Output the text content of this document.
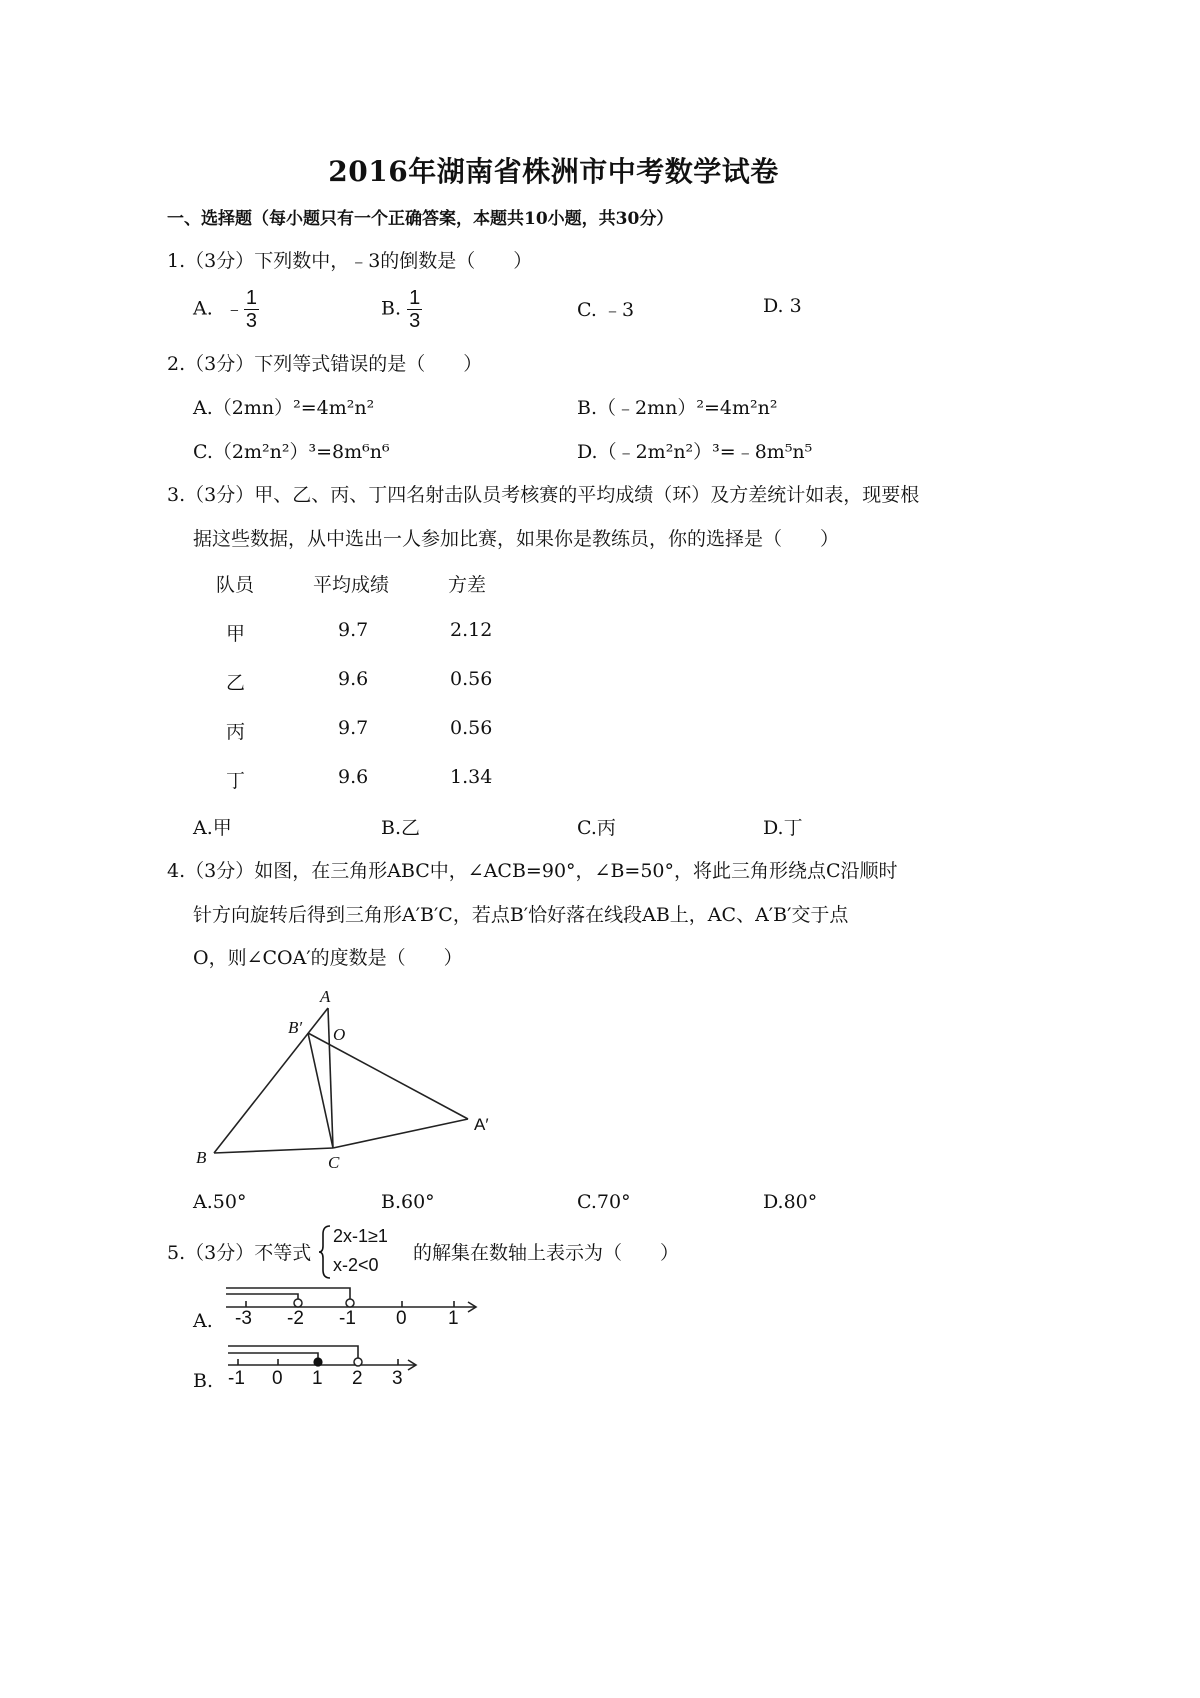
2016年湖南省株洲市中考数学试卷
一、选择题（每小题只有一个正确答案，本题共10小题，共30分）
1.（3分）下列数中，﹣3的倒数是（　　）
A. ﹣ $\frac{1}{3}$	B. $\frac{1}{3}$	C. ﹣3	D. 3
2.（3分）下列等式错误的是（　　）
A.（2mn）²=4m²n²	B.（﹣2mn）²=4m²n²
C.（2m²n²）³=8m⁶n⁶	D.（﹣2m²n²）³=﹣8m⁵n⁵
3.（3分）甲、乙、丙、丁四名射击队员考核赛的平均成绩（环）及方差统计如表，现要根
据这些数据，从中选出一人参加比赛，如果你是教练员，你的选择是（　　）
队员	平均成绩	方差
甲	9.7	2.12
乙	9.6	0.56
丙	9.7	0.56
丁	9.6	1.34
A.甲	B.乙	C.丙	D.丁
4.（3分）如图，在三角形ABC中，∠ACB=90°，∠B=50°，将此三角形绕点C沿顺时
针方向旋转后得到三角形A′B′C，若点B′恰好落在线段AB上，AC、A′B′交于点
O，则∠COA′的度数是（　　）
A
B′ O
A′
B	C
A.50°	B.60°	C.70°	D.80°
5.（3分）不等式
2x-1≥1
x-2<0
的解集在数轴上表示为（　　）
A. -3 -2 -1 0 1
B. -1 0 1 2 3
